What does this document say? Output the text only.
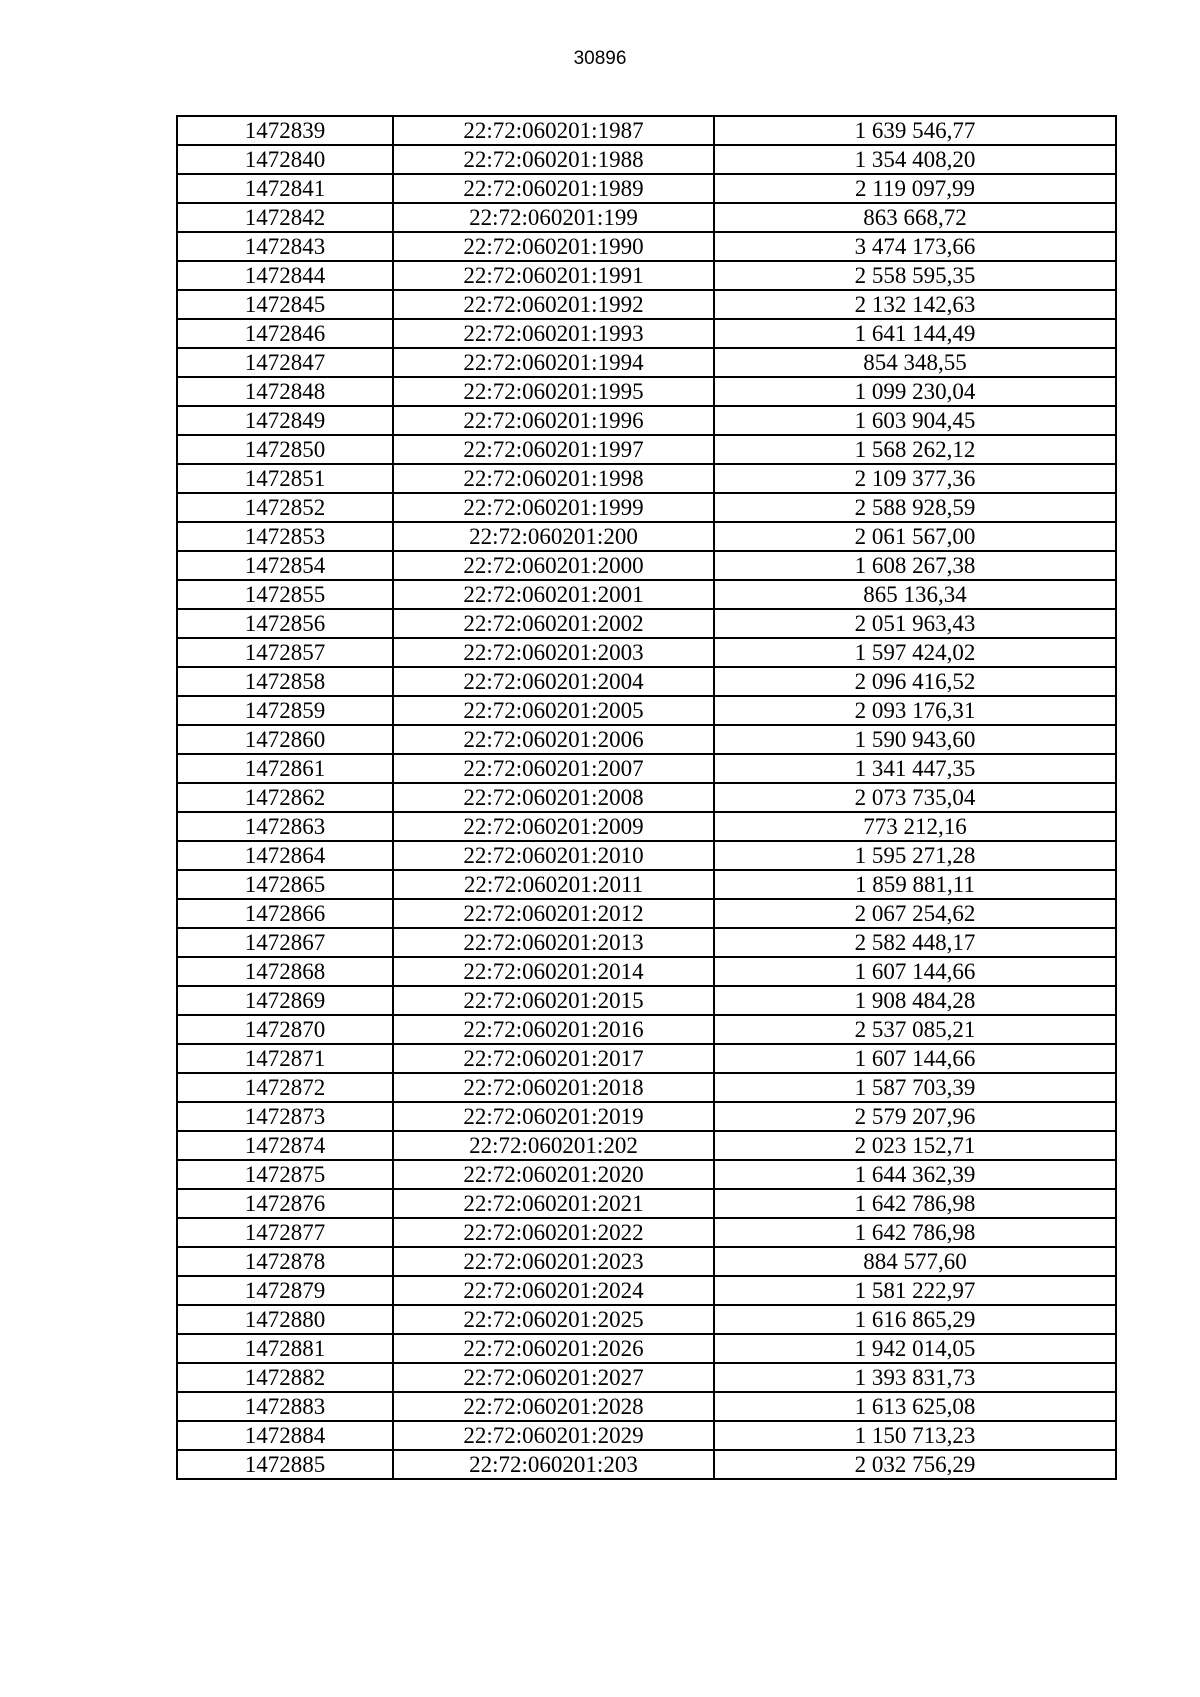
30896
1472839	22:72:060201:1987	1 639 546,77
1472840	22:72:060201:1988	1 354 408,20
1472841	22:72:060201:1989	2 119 097,99
1472842	22:72:060201:199	863 668,72
1472843	22:72:060201:1990	3 474 173,66
1472844	22:72:060201:1991	2 558 595,35
1472845	22:72:060201:1992	2 132 142,63
1472846	22:72:060201:1993	1 641 144,49
1472847	22:72:060201:1994	854 348,55
1472848	22:72:060201:1995	1 099 230,04
1472849	22:72:060201:1996	1 603 904,45
1472850	22:72:060201:1997	1 568 262,12
1472851	22:72:060201:1998	2 109 377,36
1472852	22:72:060201:1999	2 588 928,59
1472853	22:72:060201:200	2 061 567,00
1472854	22:72:060201:2000	1 608 267,38
1472855	22:72:060201:2001	865 136,34
1472856	22:72:060201:2002	2 051 963,43
1472857	22:72:060201:2003	1 597 424,02
1472858	22:72:060201:2004	2 096 416,52
1472859	22:72:060201:2005	2 093 176,31
1472860	22:72:060201:2006	1 590 943,60
1472861	22:72:060201:2007	1 341 447,35
1472862	22:72:060201:2008	2 073 735,04
1472863	22:72:060201:2009	773 212,16
1472864	22:72:060201:2010	1 595 271,28
1472865	22:72:060201:2011	1 859 881,11
1472866	22:72:060201:2012	2 067 254,62
1472867	22:72:060201:2013	2 582 448,17
1472868	22:72:060201:2014	1 607 144,66
1472869	22:72:060201:2015	1 908 484,28
1472870	22:72:060201:2016	2 537 085,21
1472871	22:72:060201:2017	1 607 144,66
1472872	22:72:060201:2018	1 587 703,39
1472873	22:72:060201:2019	2 579 207,96
1472874	22:72:060201:202	2 023 152,71
1472875	22:72:060201:2020	1 644 362,39
1472876	22:72:060201:2021	1 642 786,98
1472877	22:72:060201:2022	1 642 786,98
1472878	22:72:060201:2023	884 577,60
1472879	22:72:060201:2024	1 581 222,97
1472880	22:72:060201:2025	1 616 865,29
1472881	22:72:060201:2026	1 942 014,05
1472882	22:72:060201:2027	1 393 831,73
1472883	22:72:060201:2028	1 613 625,08
1472884	22:72:060201:2029	1 150 713,23
1472885	22:72:060201:203	2 032 756,29
